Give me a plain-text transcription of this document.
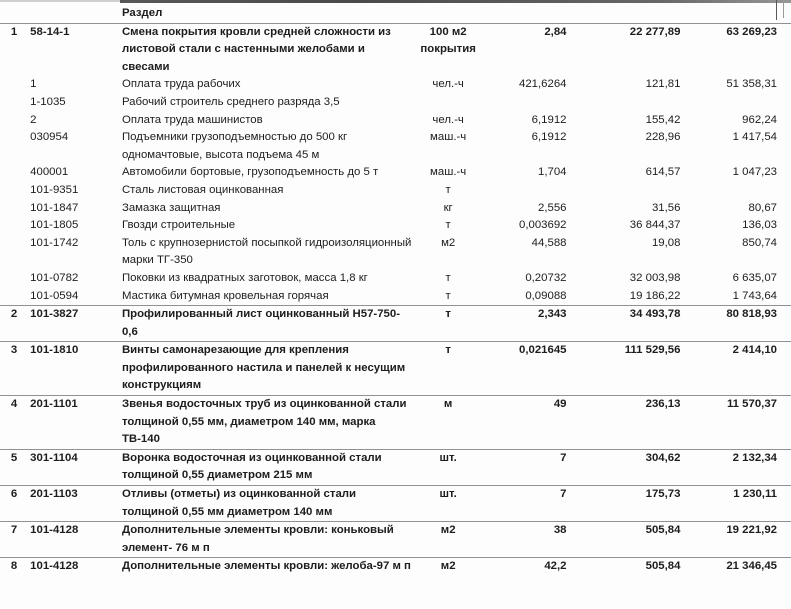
		Раздел				
1	58-14-1	Смена покрытия кровли средней сложности из листовой стали с настенными желобами и свесами	100 м2 покрытия	2,84	22 277,89	63 269,23
	1	Оплата труда рабочих	чел.-ч	421,6264	121,81	51 358,31
	1-1035	Рабочий строитель среднего разряда 3,5				
	2	Оплата труда машинистов	чел.-ч	6,1912	155,42	962,24
	030954	Подъемники грузоподъемностью до 500 кг одномачтовые, высота подъема 45 м	маш.-ч	6,1912	228,96	1 417,54
	400001	Автомобили бортовые, грузоподъемность до 5 т	маш.-ч	1,704	614,57	1 047,23
	101-9351	Сталь листовая оцинкованная	т			
	101-1847	Замазка защитная	кг	2,556	31,56	80,67
	101-1805	Гвозди строительные	т	0,003692	36 844,37	136,03
	101-1742	Толь с крупнозернистой посыпкой гидроизоляционный марки ТГ-350	м2	44,588	19,08	850,74
	101-0782	Поковки из квадратных заготовок, масса 1,8 кг	т	0,20732	32 003,98	6 635,07
	101-0594	Мастика битумная кровельная горячая	т	0,09088	19 186,22	1 743,64
2	101-3827	Профилированный лист оцинкованный Н57-750-0,6	т	2,343	34 493,78	80 818,93
3	101-1810	Винты самонарезающие для крепления профилированного настила и панелей к несущим конструкциям	т	0,021645	111 529,56	2 414,10
4	201-1101	Звенья водосточных труб из оцинкованной стали толщиной 0,55 мм, диаметром 140 мм, марка ТВ-140	м	49	236,13	11 570,37
5	301-1104	Воронка водосточная из оцинкованной стали толщиной 0,55 диаметром 215 мм	шт.	7	304,62	2 132,34
6	201-1103	Отливы (отметы) из оцинкованной стали толщиной 0,55 мм диаметром 140 мм	шт.	7	175,73	1 230,11
7	101-4128	Дополнительные элементы кровли: коньковый элемент- 76 м п	м2	38	505,84	19 221,92
8	101-4128	Дополнительные элементы кровли: желоба-97 м п	м2	42,2	505,84	21 346,45
